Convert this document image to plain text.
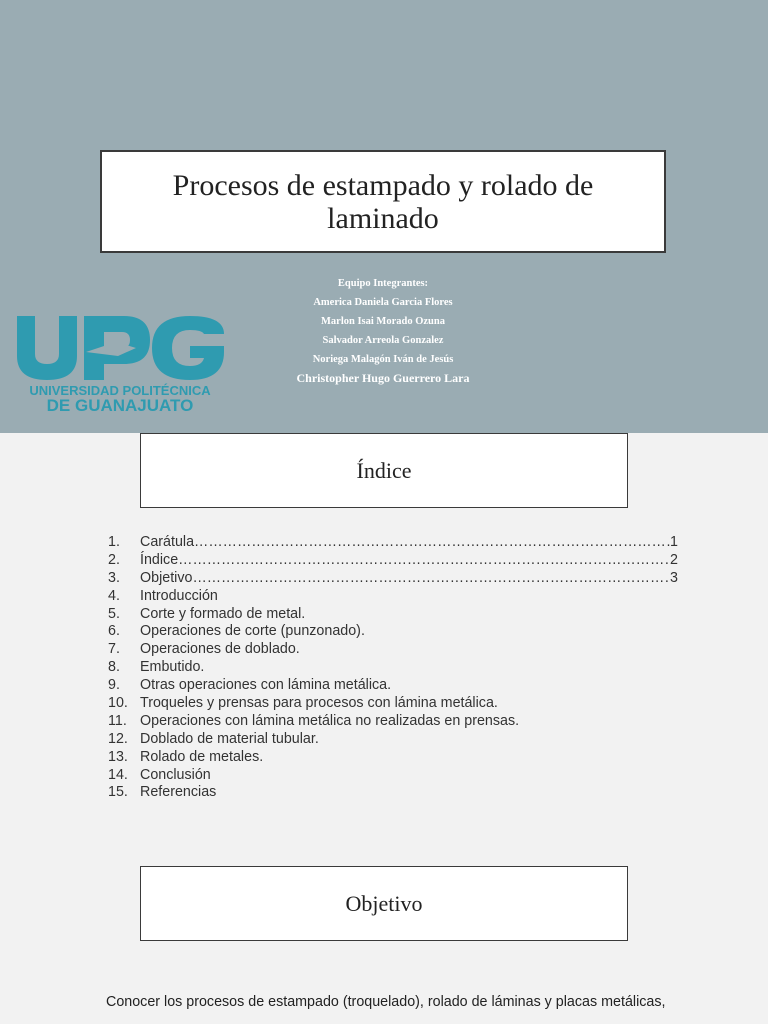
Procesos de estampado y rolado de laminado
UNIVERSIDAD POLITÉCNICA
DE GUANAJUATO
Equipo Integrantes:
America Daniela Garcia Flores
Marlon Isai Morado Ozuna
Salvador Arreola Gonzalez
Noriega Malagón Iván de Jesús
Christopher Hugo Guerrero Lara
Índice
1.	Carátula ……………………………………………………………………………………………………………………………………	1
2.	Índice ……………………………………………………………………………………………………………………………………	2
3.	Objetivo ……………………………………………………………………………………………………………………………………	3
4.	Introducción
5.	Corte y formado de metal.
6.	Operaciones de corte (punzonado).
7.	Operaciones de doblado.
8.	Embutido.
9.	Otras operaciones con lámina metálica.
10. Troqueles y prensas para procesos con lámina metálica.
11. Operaciones con lámina metálica no realizadas en prensas.
12. Doblado de material tubular.
13. Rolado de metales.
14. Conclusión
15. Referencias
Objetivo
Conocer los procesos de estampado (troquelado), rolado de láminas y placas metálicas,
